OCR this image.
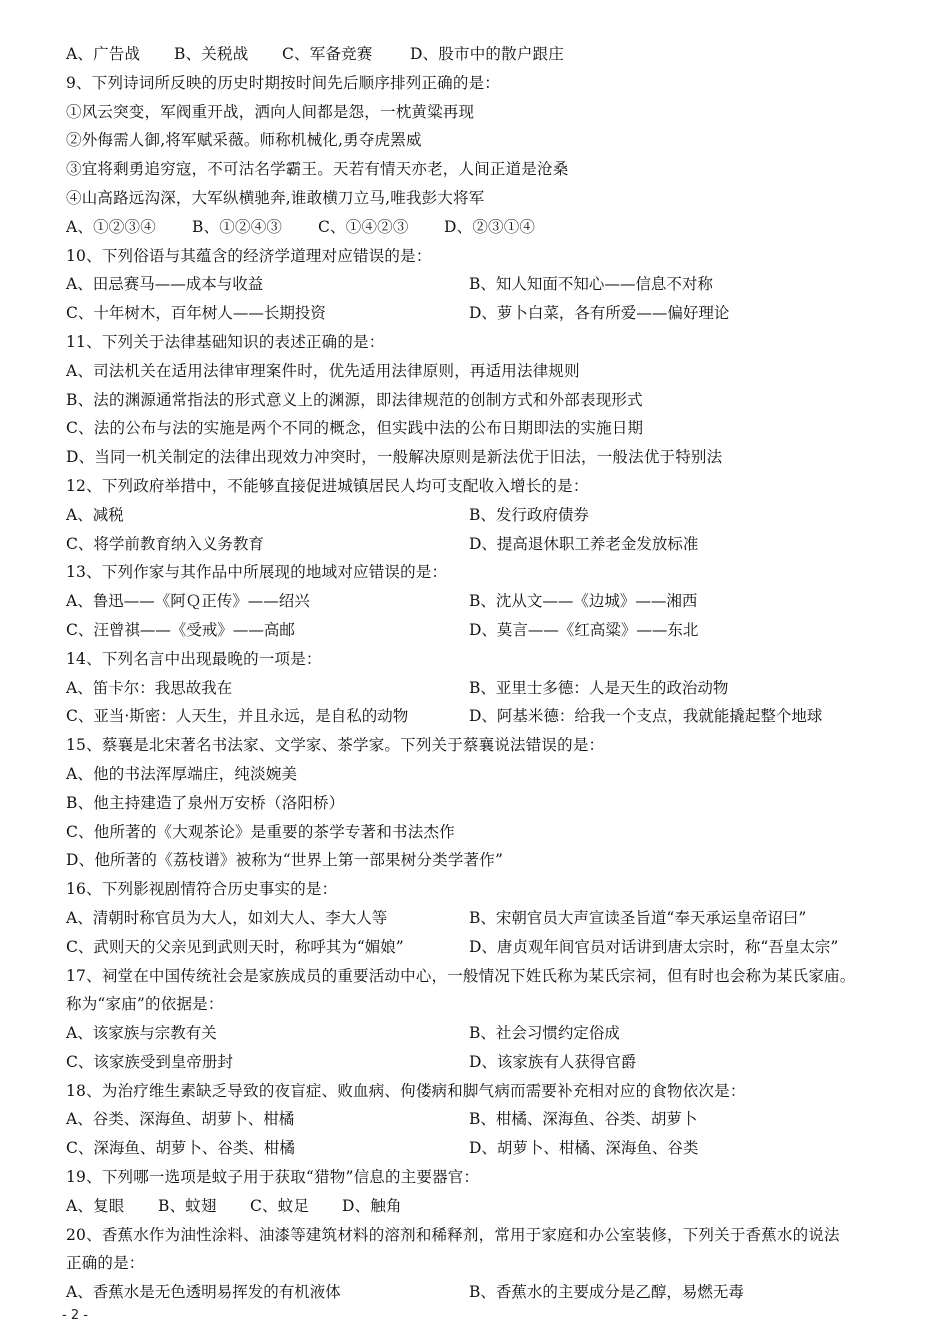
A、广告战 B、关税战 C、军备竞赛 D、股市中的散户跟庄
9、下列诗词所反映的历史时期按时间先后顺序排列正确的是：
①风云突变，军阀重开战，洒向人间都是怨，一枕黄粱再现
②外侮需人御,将军赋采薇。师称机械化,勇夺虎罴威
③宜将剩勇追穷寇，不可沽名学霸王。天若有情天亦老，人间正道是沧桑
④山高路远沟深，大军纵横驰奔,谁敢横刀立马,唯我彭大将军
A、①②③④ B、①②④③ C、①④②③ D、②③①④
10、下列俗语与其蕴含的经济学道理对应错误的是：
A、田忌赛马——成本与收益	B、知人知面不知心——信息不对称
C、十年树木，百年树人——长期投资	D、萝卜白菜，各有所爱——偏好理论
11、下列关于法律基础知识的表述正确的是：
A、司法机关在适用法律审理案件时，优先适用法律原则，再适用法律规则
B、法的渊源通常指法的形式意义上的渊源，即法律规范的创制方式和外部表现形式
C、法的公布与法的实施是两个不同的概念，但实践中法的公布日期即法的实施日期
D、当同一机关制定的法律出现效力冲突时，一般解决原则是新法优于旧法，一般法优于特别法
12、下列政府举措中，不能够直接促进城镇居民人均可支配收入增长的是：
A、减税	B、发行政府债券
C、将学前教育纳入义务教育	D、提高退休职工养老金发放标准
13、下列作家与其作品中所展现的地域对应错误的是：
A、鲁迅——《阿Ｑ正传》——绍兴	B、沈从文——《边城》——湘西
C、汪曾祺——《受戒》——高邮	D、莫言——《红高粱》——东北
14、下列名言中出现最晚的一项是：
A、笛卡尔：我思故我在	B、亚里士多德：人是天生的政治动物
C、亚当·斯密：人天生，并且永远，是自私的动物	D、阿基米德：给我一个支点，我就能撬起整个地球
15、蔡襄是北宋著名书法家、文学家、茶学家。下列关于蔡襄说法错误的是：
A、他的书法浑厚端庄，纯淡婉美
B、他主持建造了泉州万安桥（洛阳桥）
C、他所著的《大观茶论》是重要的茶学专著和书法杰作
D、他所著的《荔枝谱》被称为“世界上第一部果树分类学著作”
16、下列影视剧情符合历史事实的是：
A、清朝时称官员为大人，如刘大人、李大人等	B、宋朝官员大声宣读圣旨道“奉天承运皇帝诏曰”
C、武则天的父亲见到武则天时，称呼其为“媚娘”	D、唐贞观年间官员对话讲到唐太宗时，称“吾皇太宗”
17、祠堂在中国传统社会是家族成员的重要活动中心，一般情况下姓氏称为某氏宗祠，但有时也会称为某氏家庙。
称为“家庙”的依据是：
A、该家族与宗教有关	B、社会习惯约定俗成
C、该家族受到皇帝册封	D、该家族有人获得官爵
18、为治疗维生素缺乏导致的夜盲症、败血病、佝偻病和脚气病而需要补充相对应的食物依次是：
A、谷类、深海鱼、胡萝卜、柑橘	B、柑橘、深海鱼、谷类、胡萝卜
C、深海鱼、胡萝卜、谷类、柑橘	D、胡萝卜、柑橘、深海鱼、谷类
19、下列哪一选项是蚊子用于获取“猎物”信息的主要器官：
A、复眼 B、蚊翅 C、蚊足 D、触角
20、香蕉水作为油性涂料、油漆等建筑材料的溶剂和稀释剂，常用于家庭和办公室装修，下列关于香蕉水的说法
正确的是：
A、香蕉水是无色透明易挥发的有机液体	B、香蕉水的主要成分是乙醇，易燃无毒
- 2 -
